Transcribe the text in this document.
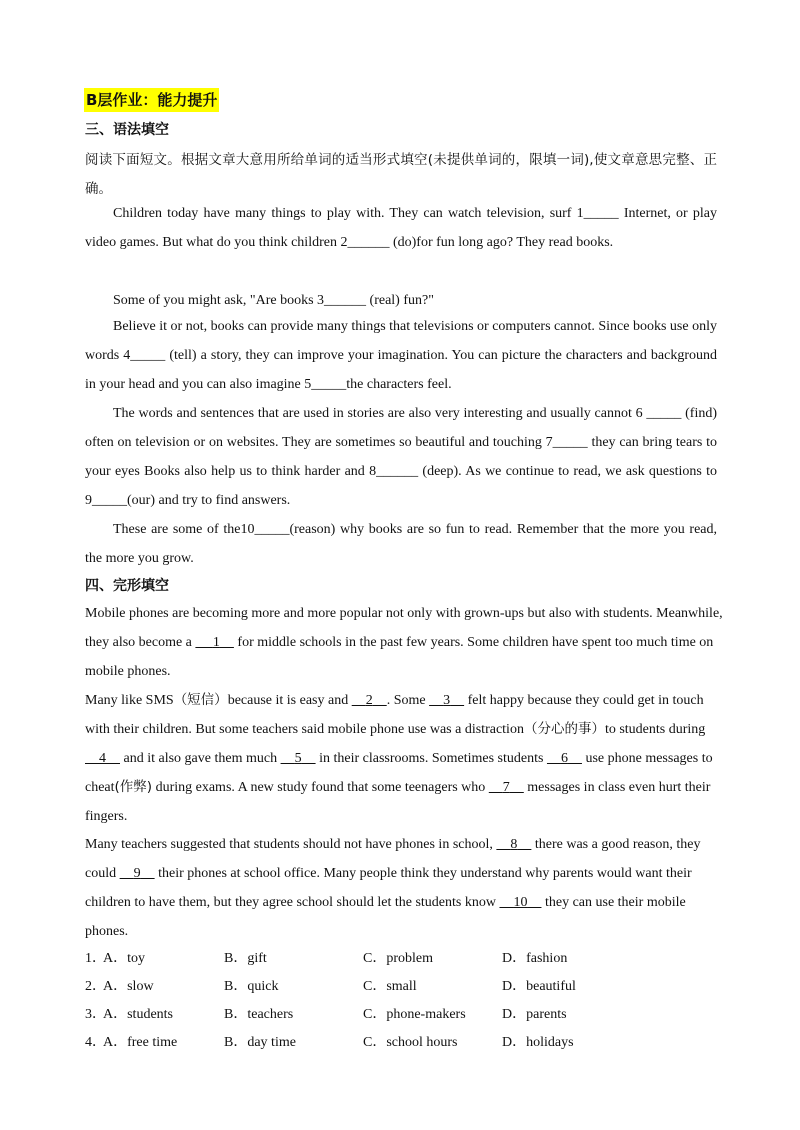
B层作业：能力提升
三、语法填空

阅读下面短文。根据文章大意用所给单词的适当形式填空(未提供单词的，限填一词),使文章意思完整、正确。

Children today have many things to play with. They can watch television, surf 1_____ Internet, or play video games. But what do you think children 2______ (do)for fun long ago? They read books.

Some of you might ask, "Are books 3______ (real) fun?"

Believe it or not, books can provide many things that televisions or computers cannot. Since books use only words 4_____ (tell) a story, they can improve your imagination. You can picture the characters and background in your head and you can also imagine 5_____the characters feel.

The words and sentences that are used in stories are also very interesting and usually cannot 6 _____ (find) often on television or on websites. They are sometimes so beautiful and touching 7_____ they can bring tears to your eyes Books also help us to think harder and 8______ (deep). As we continue to read, we ask questions to 9_____(our) and try to find answers.

These are some of the10_____(reason) why books are so fun to read. Remember that the more you read, the more you grow.

四、完形填空

Mobile phones are becoming more and more popular not only with grown-ups but also with students. Meanwhile, they also become a      1     for middle schools in the past few years. Some children have spent too much time on mobile phones.

Many like SMS（短信）because it is easy and     2 . Some     3     felt happy because they could get in touch with their children. But some teachers said mobile phone use was a distraction（分心的事）to students during     4     and it also gave them much     5     in their classrooms. Sometimes students     6     use phone messages to cheat(作弊) during exams. A new study found that some teenagers who     7     messages in class even hurt their fingers.

Many teachers suggested that students should not have phones in school,     8     there was a good reason, they could     9     their phones at school office. Many people think they understand why parents would want their children to have them, but they agree school should let the students know     10     they can use their mobile phones.

1．
A．toy	B．gift	C．problem	D．fashion
2．
A．slow	B．quick	C．small	D．beautiful
3．
A．students	B．teachers	C．phone-makers	D．parents
4．
A．free time	B．day time	C．school hours	D．holidays
